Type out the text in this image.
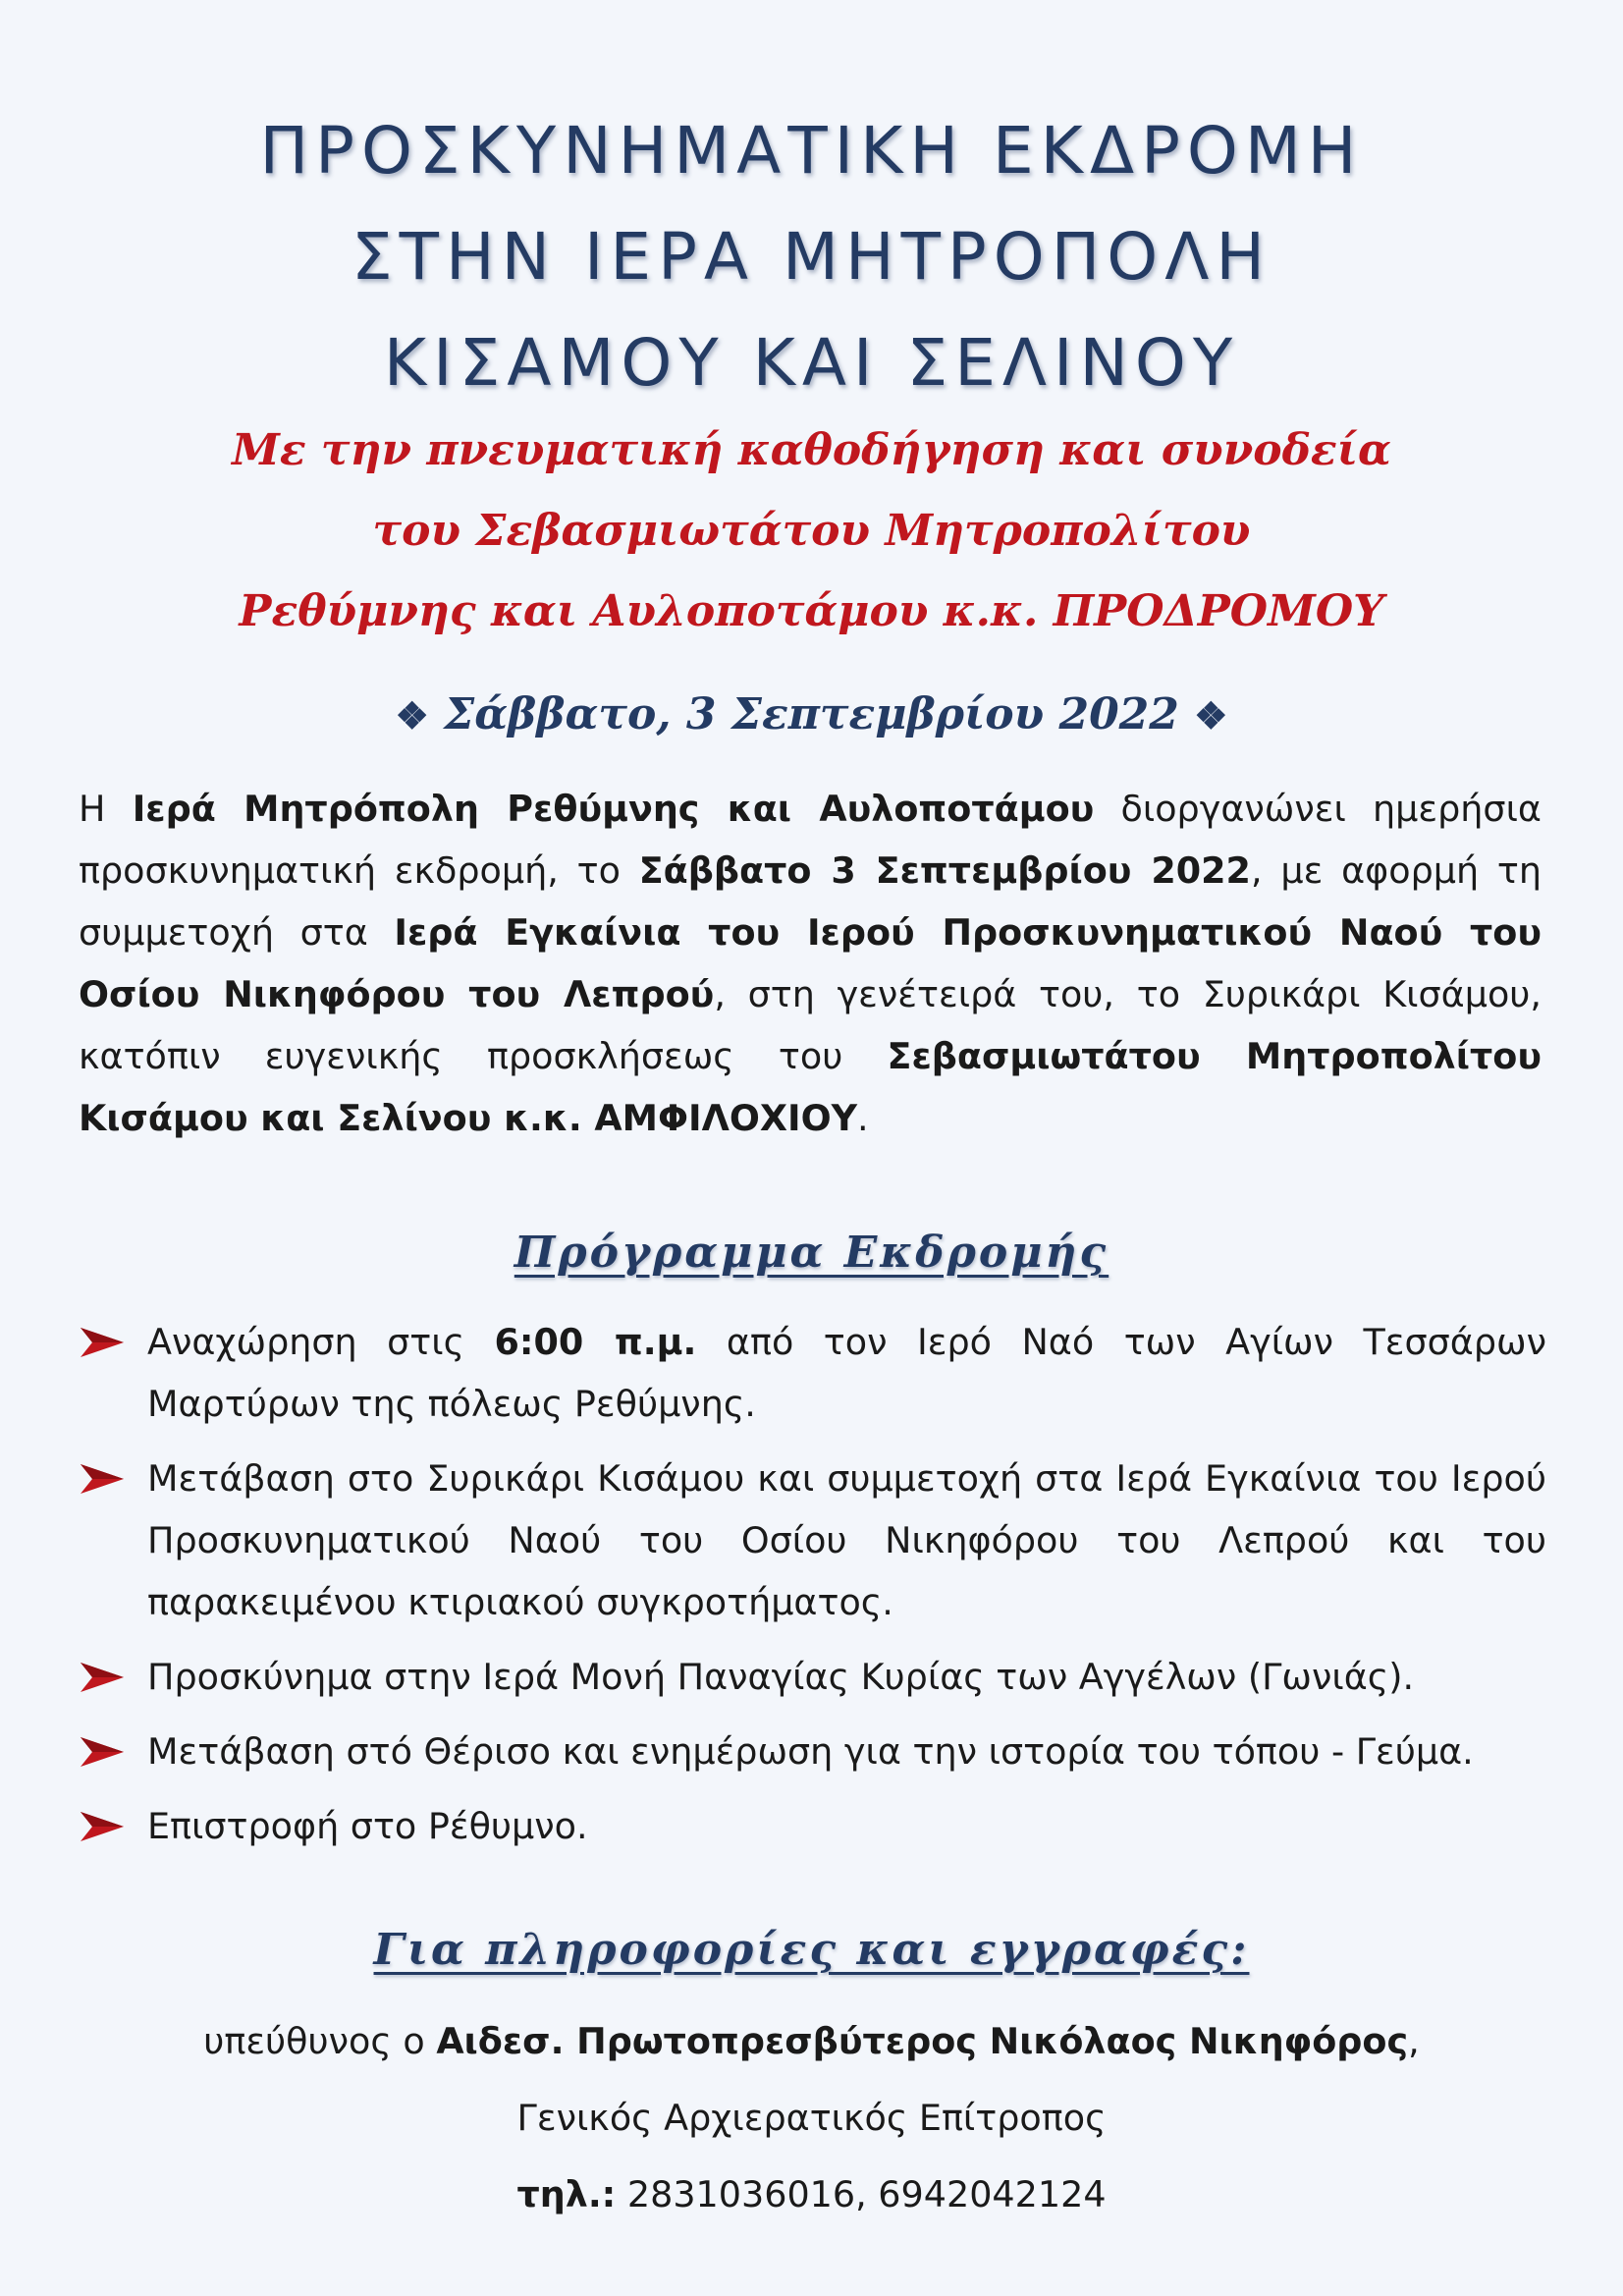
ΠΡΟΣΚΥΝΗΜΑΤΙΚΗ ΕΚΔΡΟΜΗ
ΣΤΗΝ ΙΕΡΑ ΜΗΤΡΟΠΟΛΗ
ΚΙΣΑΜΟΥ ΚΑΙ ΣΕΛΙΝΟΥ
Με την πνευματική καθοδήγηση και συνοδεία
του Σεβασμιωτάτου Μητροπολίτου
Ρεθύμνης και Αυλοποτάμου κ.κ. ΠΡΟΔΡΟΜΟΥ
❖ Σάββατο, 3 Σεπτεμβρίου 2022 ❖

Η Ιερά Μητρόπολη Ρεθύμνης και Αυλοποτάμου διοργανώνει ημερήσια προσκυνηματική εκδρομή, το Σάββατο 3 Σεπτεμβρίου 2022, με αφορμή τη συμμετοχή στα Ιερά Εγκαίνια του Ιερού Προσκυνηματικού Ναού του Οσίου Νικηφόρου του Λεπρού, στη γενέτειρά του, το Συρικάρι Κισάμου, κατόπιν ευγενικής προσκλήσεως του Σεβασμιωτάτου Μητροπολίτου Κισάμου και Σελίνου κ.κ. ΑΜΦΙΛΟΧΙΟΥ.

Πρόγραμμα Εκδρομής
Αναχώρηση στις 6:00 π.μ. από τον Ιερό Ναό των Αγίων Τεσσάρων Μαρτύρων της πόλεως Ρεθύμνης.
Μετάβαση στο Συρικάρι Κισάμου και συμμετοχή στα Ιερά Εγκαίνια του Ιερού Προσκυνηματικού Ναού του Οσίου Νικηφόρου του Λεπρού και του παρακειμένου κτιριακού συγκροτήματος.
Προσκύνημα στην Ιερά Μονή Παναγίας Κυρίας των Αγγέλων (Γωνιάς).
Μετάβαση στό Θέρισο και ενημέρωση για την ιστορία του τόπου - Γεύμα.
Επιστροφή στο Ρέθυμνο.
Για πληροφορίες και εγγραφές:
υπεύθυνος ο Αιδεσ. Πρωτοπρεσβύτερος Νικόλαος Νικηφόρος,
Γενικός Αρχιερατικός Επίτροπος
τηλ.: 2831036016, 6942042124
